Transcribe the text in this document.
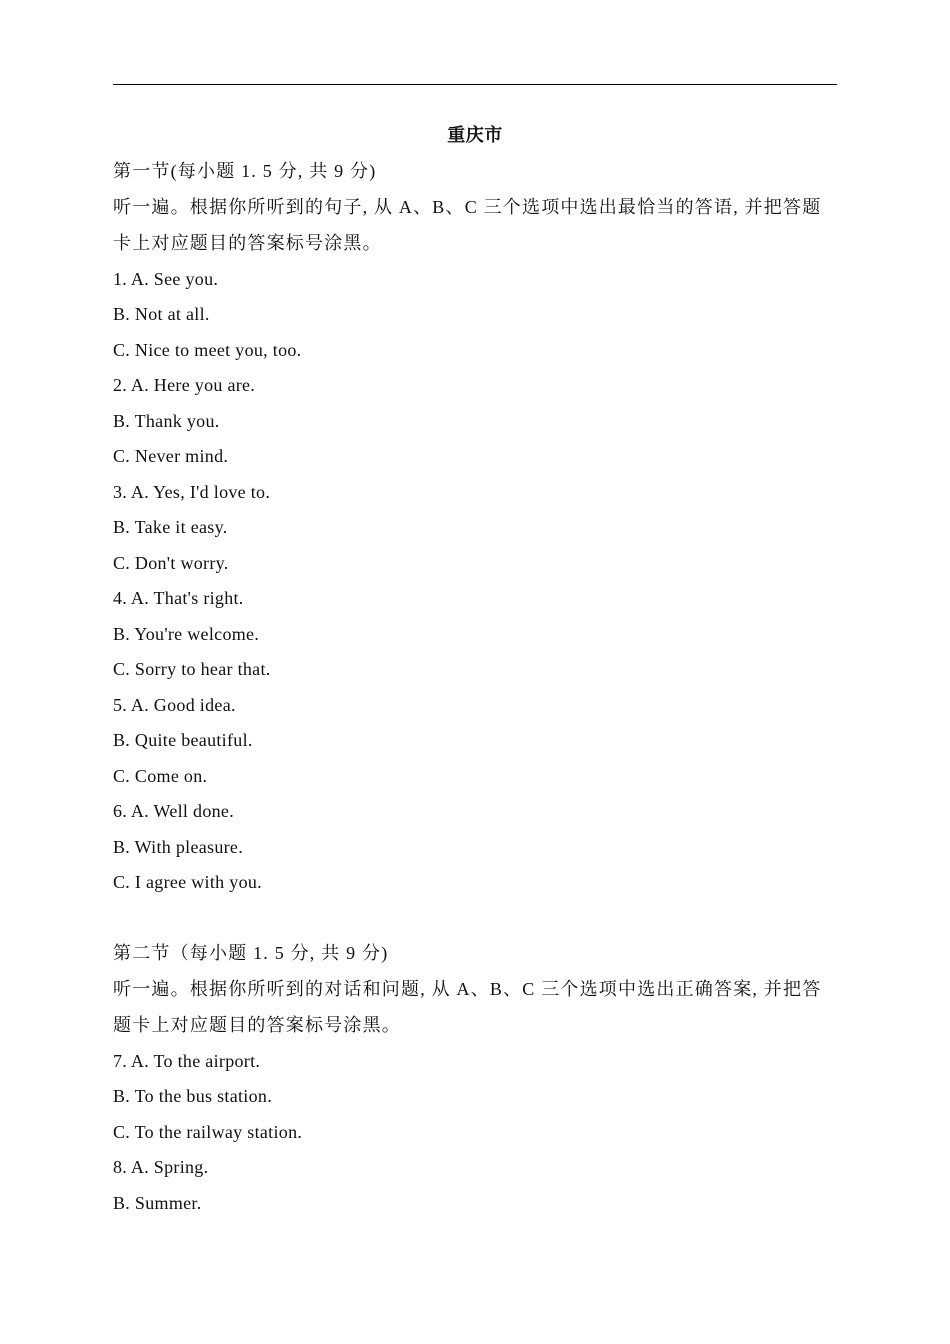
重庆市
第一节(每小题 1. 5 分, 共 9 分)
听一遍。根据你所听到的句子, 从 A、B、C 三个选项中选出最恰当的答语, 并把答题
卡上对应题目的答案标号涂黑。
1. A. See you.
B. Not at all.
C. Nice to meet you, too.
2. A. Here you are.
B. Thank you.
C. Never mind.
3. A. Yes, I'd love to.
B. Take it easy.
C. Don't worry.
4. A. That's right.
B. You're welcome.
C. Sorry to hear that.
5. A. Good idea.
B. Quite beautiful.
C. Come on.
6. A. Well done.
B. With pleasure.
C. I agree with you.
第二节（每小题 1. 5 分, 共 9 分)
听一遍。根据你所听到的对话和问题, 从 A、B、C 三个选项中选出正确答案, 并把答
题卡上对应题目的答案标号涂黑。
7. A. To the airport.
B. To the bus station.
C. To the railway station.
8. A. Spring.
B. Summer.
